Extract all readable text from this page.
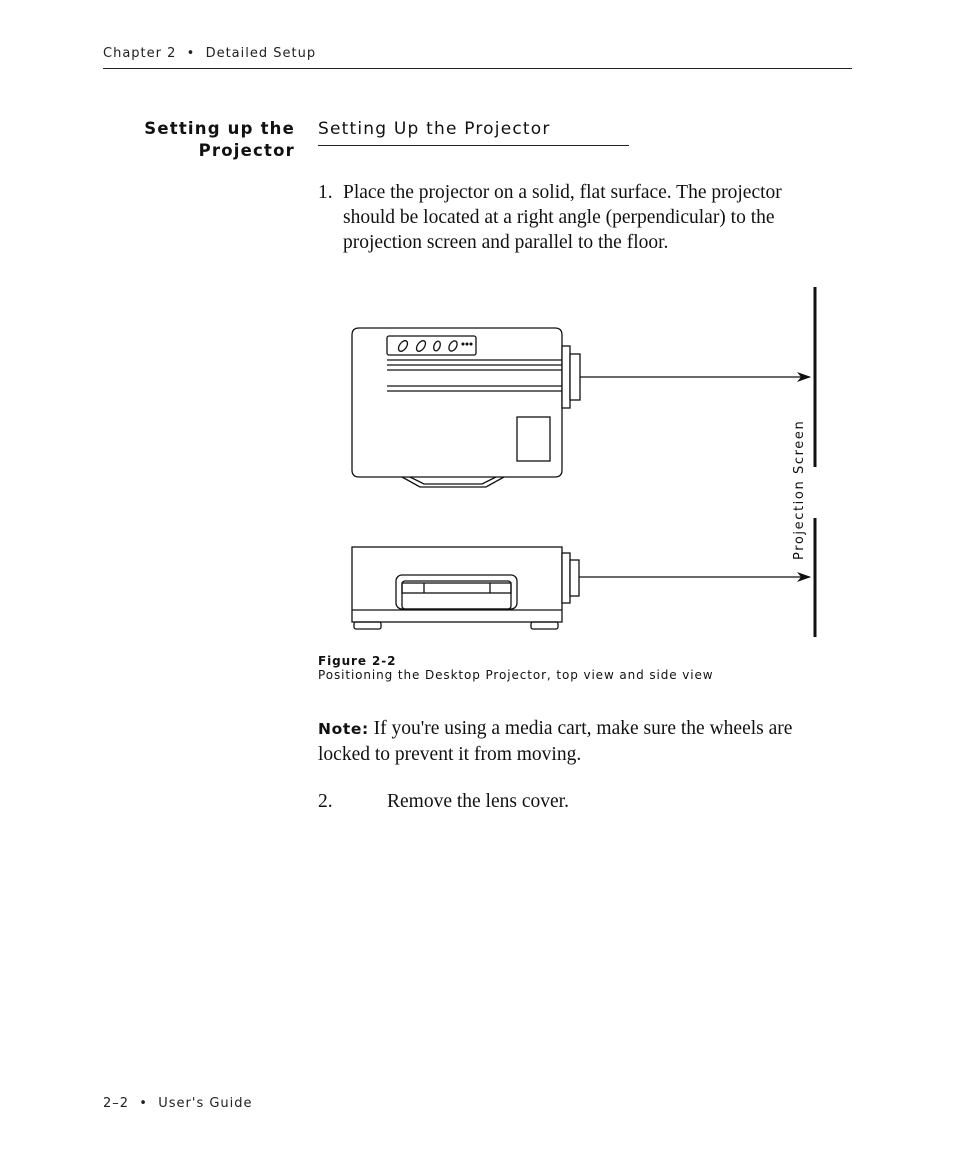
Chapter 2  •  Detailed Setup
Setting up the
Projector
Setting Up the Projector
1. Place the projector on a solid, flat surface. The projector should be located at a right angle (perpendicular) to the projection screen and parallel to the floor.
Projection Screen
Figure 2-2
Positioning the Desktop Projector, top view and side view
Note: If you're using a media cart, make sure the wheels are locked to prevent it from moving.
2.	Remove the lens cover.
2–2  •  User's Guide
